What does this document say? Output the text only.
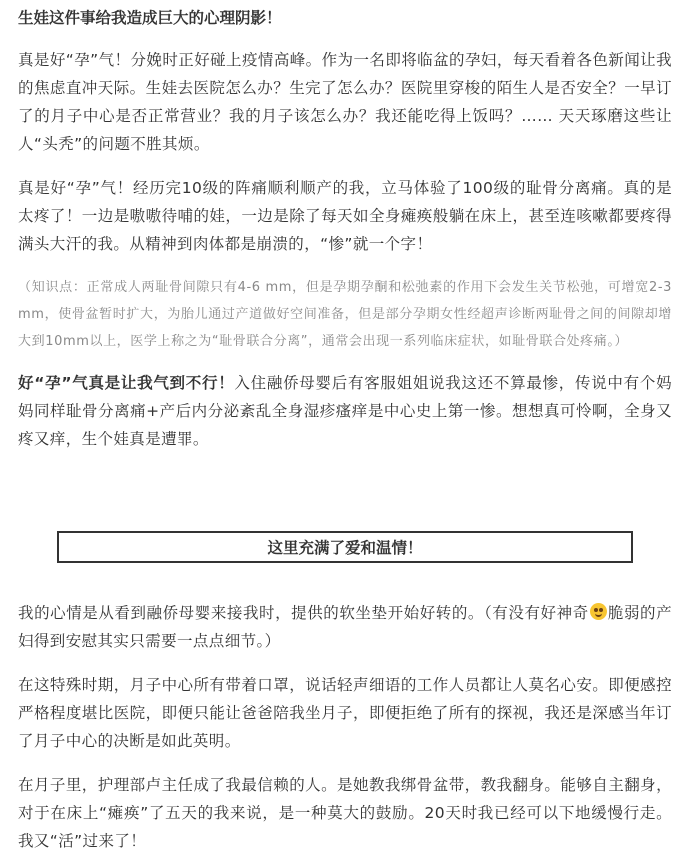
生娃这件事给我造成巨大的心理阴影！

真是好“孕”气！分娩时正好碰上疫情高峰。作为一名即将临盆的孕妇，每天看着各色新闻让我的焦虑直冲天际。生娃去医院怎么办？生完了怎么办？医院里穿梭的陌生人是否安全？一早订了的月子中心是否正常营业？我的月子该怎么办？我还能吃得上饭吗？…… 天天琢磨这些让人“头秃”的问题不胜其烦。

真是好“孕”气！经历完10级的阵痛顺利顺产的我，立马体验了100级的耻骨分离痛。真的是太疼了！一边是嗷嗷待哺的娃，一边是除了每天如全身瘫痪般躺在床上，甚至连咳嗽都要疼得满头大汗的我。从精神到肉体都是崩溃的，“惨”就一个字！

（知识点：正常成人两耻骨间隙只有4-6 mm，但是孕期孕酮和松弛素的作用下会发生关节松弛，可增宽2-3 mm，使骨盆暂时扩大，为胎儿通过产道做好空间准备，但是部分孕期女性经超声诊断两耻骨之间的间隙却增大到10mm以上，医学上称之为“耻骨联合分离”，通常会出现一系列临床症状，如耻骨联合处疼痛。）

好“孕”气真是让我气到不行！入住融侨母婴后有客服姐姐说我这还不算最惨，传说中有个妈妈同样耻骨分离痛+产后内分泌紊乱全身湿疹瘙痒是中心史上第一惨。想想真可怜啊，全身又疼又痒，生个娃真是遭罪。

这里充满了爱和温情！

我的心情是从看到融侨母婴来接我时，提供的软坐垫开始好转的。（有没有好神奇 脆弱的产妇得到安慰其实只需要一点点细节。）

在这特殊时期，月子中心所有带着口罩，说话轻声细语的工作人员都让人莫名心安。即便感控严格程度堪比医院，即便只能让爸爸陪我坐月子，即便拒绝了所有的探视，我还是深感当年订了月子中心的决断是如此英明。

在月子里，护理部卢主任成了我最信赖的人。是她教我绑骨盆带，教我翻身。能够自主翻身，对于在床上“瘫痪”了五天的我来说，是一种莫大的鼓励。20天时我已经可以下地缓慢行走。我又“活”过来了！
